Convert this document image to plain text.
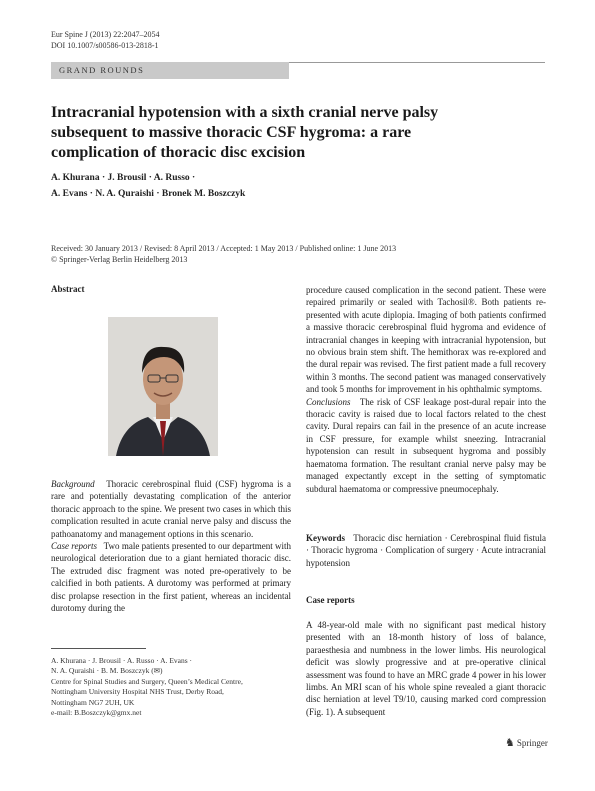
Eur Spine J (2013) 22:2047–2054
DOI 10.1007/s00586-013-2818-1
GRAND ROUNDS
Intracranial hypotension with a sixth cranial nerve palsy subsequent to massive thoracic CSF hygroma: a rare complication of thoracic disc excision
A. Khurana · J. Brousil · A. Russo ·
A. Evans · N. A. Quraishi · Bronek M. Boszczyk
Received: 30 January 2013 / Revised: 8 April 2013 / Accepted: 1 May 2013 / Published online: 1 June 2013
© Springer-Verlag Berlin Heidelberg 2013
Abstract

Background Thoracic cerebrospinal fluid (CSF) hygroma is a rare and potentially devastating complication of the anterior thoracic approach to the spine. We present two cases in which this complication resulted in acute cranial nerve palsy and discuss the pathoanatomy and management options in this scenario.

Case reports Two male patients presented to our department with neurological deterioration due to a giant herniated thoracic disc. The extruded disc fragment was noted pre-operatively to be calcified in both patients. A durotomy was performed at primary disc prolapse resection in the first patient, whereas an incidental durotomy during the

A. Khurana · J. Brousil · A. Russo · A. Evans ·
N. A. Quraishi · B. M. Boszczyk (✉)
Centre for Spinal Studies and Surgery, Queen’s Medical Centre,
Nottingham University Hospital NHS Trust, Derby Road,
Nottingham NG7 2UH, UK
e-mail: B.Boszczyk@gmx.net

procedure caused complication in the second patient. These were repaired primarily or sealed with Tachosil®. Both patients re-presented with acute diplopia. Imaging of both patients confirmed a massive thoracic cerebrospinal fluid hygroma and evidence of intracranial changes in keeping with intracranial hypotension, but no obvious brain stem shift. The hemithorax was re-explored and the dural repair was revised. The first patient made a full recovery within 3 months. The second patient was managed conservatively and took 5 months for improvement in his ophthalmic symptoms.

Conclusions The risk of CSF leakage post-dural repair into the thoracic cavity is raised due to local factors related to the chest cavity. Dural repairs can fail in the presence of an acute increase in CSF pressure, for example whilst sneezing. Intracranial hypotension can result in subsequent hygroma and possibly haematoma formation. The resultant cranial nerve palsy may be managed expectantly except in the setting of symptomatic subdural haematoma or compressive pneumocephaly.

Keywords Thoracic disc herniation · Cerebrospinal fluid fistula · Thoracic hygroma · Complication of surgery · Acute intracranial hypotension

Case reports
A 48-year-old male with no significant past medical history presented with an 18-month history of loss of balance, paraesthesia and numbness in the lower limbs. His neurological deficit was slowly progressive and at pre-operative clinical assessment was found to have an MRC grade 4 power in his lower limbs. An MRI scan of his whole spine revealed a giant thoracic disc herniation at level T9/10, causing marked cord compression (Fig. 1). A subsequent
♞ Springer
